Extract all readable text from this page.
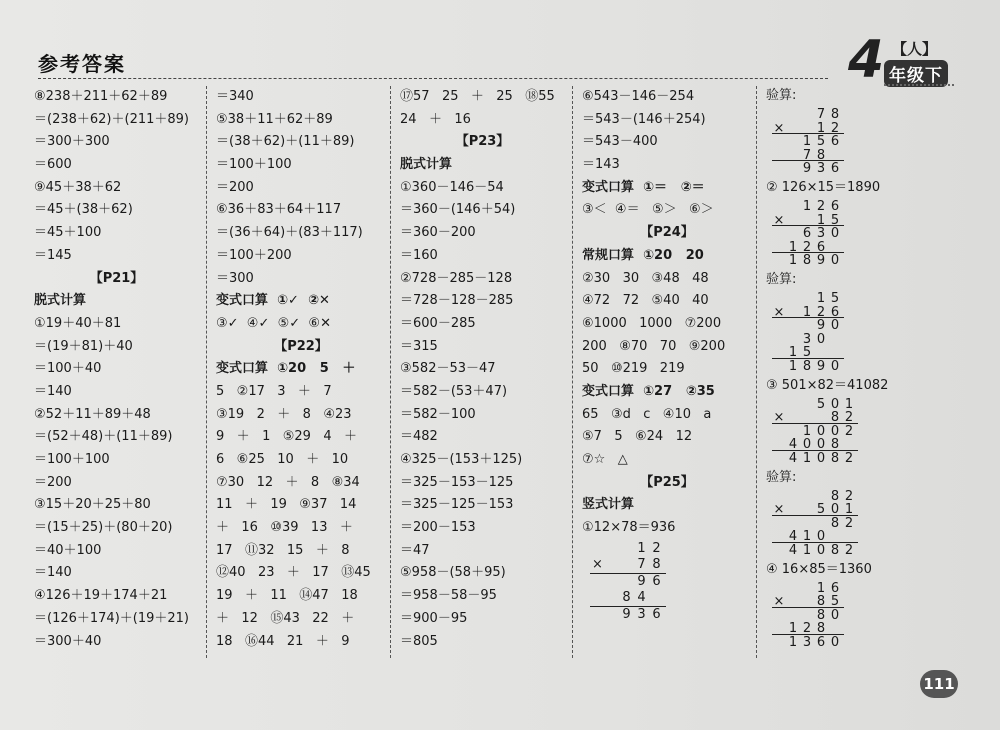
参考答案	4 【人】
年级下
⑧238＋211＋62＋89
＝(238＋62)＋(211＋89)
＝300＋300
＝600
⑨45＋38＋62
＝45＋(38＋62)
＝45＋100
＝145
【P21】
脱式计算
①19＋40＋81
＝(19＋81)＋40
＝100＋40
＝140
②52＋11＋89＋48
＝(52＋48)＋(11＋89)
＝100＋100
＝200
③15＋20＋25＋80
＝(15＋25)＋(80＋20)
＝40＋100
＝140
④126＋19＋174＋21
＝(126＋174)＋(19＋21)
＝300＋40
＝340
⑤38＋11＋62＋89
＝(38＋62)＋(11＋89)
＝100＋100
＝200
⑥36＋83＋64＋117
＝(36＋64)＋(83＋117)
＝100＋200
＝300
变式口算  ①✓  ②✕
③✓  ④✓  ⑤✓  ⑥✕
【P22】
变式口算  ①20   5   ＋
5   ②17   3   ＋   7
③19   2   ＋   8   ④23
9   ＋   1   ⑤29   4   ＋
6   ⑥25   10   ＋   10
⑦30   12   ＋   8   ⑧34
11   ＋   19   ⑨37   14
＋   16   ⑩39   13   ＋
17   ⑪32   15   ＋   8
⑫40   23   ＋   17   ⑬45
19   ＋   11   ⑭47   18
＋   12   ⑮43   22   ＋
18   ⑯44   21   ＋   9
⑰57   25   ＋   25   ⑱55
24   ＋   16
【P23】
脱式计算
①360－146－54
＝360－(146＋54)
＝360－200
＝160
②728－285－128
＝728－128－285
＝600－285
＝315
③582－53－47
＝582－(53＋47)
＝582－100
＝482
④325－(153＋125)
＝325－153－125
＝325－125－153
＝200－153
＝47
⑤958－(58＋95)
＝958－58－95
＝900－95
＝805
⑥543－146－254
＝543－(146＋254)
＝543－400
＝143
变式口算  ①＝   ②＝
③＜  ④＝   ⑤＞   ⑥＞
【P24】
常规口算  ①20   20
②30   30   ③48   48
④72   72   ⑤40   40
⑥1000   1000   ⑦200
200   ⑧70   70   ⑨200
50   ⑩219   219
变式口算  ①27   ②35
65   ③d   c   ④10   a
⑤7   5   ⑥24   12
⑦☆   △
【P25】
竖式计算
①12×78＝936
1 2
×	7 8
9 6
8 4
9 3 6
验算:
7 8
× 1 2
1 5 6
7 8
9 3 6
② 126×15＝1890
1 2 6
× 1 5
6 3 0
1 2 6
1 8 9 0
验算:
1 5
× 1 2 6
9 0
3 0
1 5
1 8 9 0
③ 501×82＝41082
5 0 1
×	8 2
1 0 0 2
4 0 0 8
4 1 0 8 2
验算:
8 2
× 5 0 1
8 2
4 1 0
4 1 0 8 2
④ 16×85＝1360
1 6
× 8 5
8 0
1 2 8
1 3 6 0
111
